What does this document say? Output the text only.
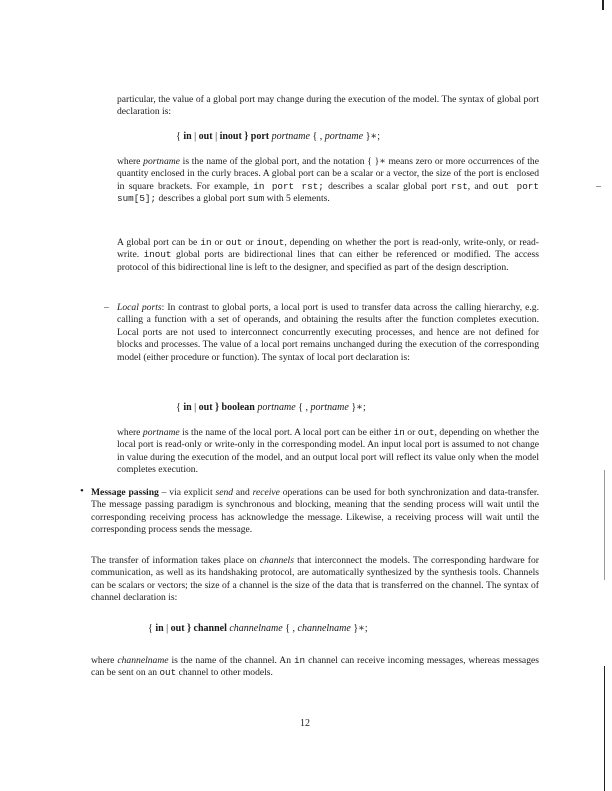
particular, the value of a global port may change during the execution of the model. The syntax of global port declaration is:

{ in | out | inout } port portname { , portname }∗;

where portname is the name of the global port, and the notation { }∗ means zero or more occurrences of the quantity enclosed in the curly braces. A global port can be a scalar or a vector, the size of the port is enclosed in square brackets. For example, in port rst; describes a scalar global port rst, and out port sum[5]; describes a global port sum with 5 elements.

A global port can be in or out or inout, depending on whether the port is read-only, write-only, or read-write. inout global ports are bidirectional lines that can either be referenced or modified. The access protocol of this bidirectional line is left to the designer, and specified as part of the design description.

– Local ports: In contrast to global ports, a local port is used to transfer data across the calling hierarchy, e.g. calling a function with a set of operands, and obtaining the results after the function completes execution. Local ports are not used to interconnect concurrently executing processes, and hence are not defined for blocks and processes. The value of a local port remains unchanged during the execution of the corresponding model (either procedure or function). The syntax of local port declaration is:

{ in | out } boolean portname { , portname }∗;

where portname is the name of the local port. A local port can be either in or out, depending on whether the local port is read-only or write-only in the corresponding model. An input local port is assumed to not change in value during the execution of the model, and an output local port will reflect its value only when the model completes execution.

• Message passing – via explicit send and receive operations can be used for both synchronization and data-transfer. The message passing paradigm is synchronous and blocking, meaning that the sending process will wait until the corresponding receiving process has acknowledge the message. Likewise, a receiving process will wait until the corresponding process sends the message.

The transfer of information takes place on channels that interconnect the models. The corresponding hardware for communication, as well as its handshaking protocol, are automatically synthesized by the synthesis tools. Channels can be scalars or vectors; the size of a channel is the size of the data that is transferred on the channel. The syntax of channel declaration is:

{ in | out } channel channelname { , channelname }∗;

where channelname is the name of the channel. An in channel can receive incoming messages, whereas messages can be sent on an out channel to other models.

12
